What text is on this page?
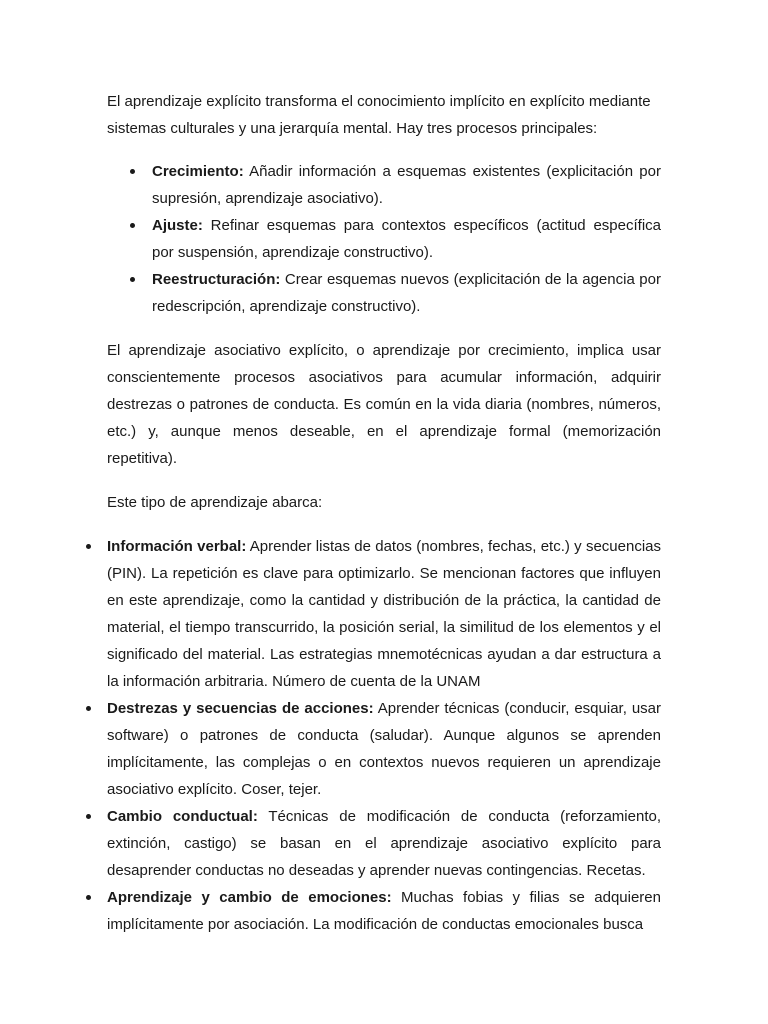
El aprendizaje explícito transforma el conocimiento implícito en explícito mediante sistemas culturales y una jerarquía mental. Hay tres procesos principales:

Crecimiento: Añadir información a esquemas existentes (explicitación por supresión, aprendizaje asociativo).
Ajuste: Refinar esquemas para contextos específicos (actitud específica por suspensión, aprendizaje constructivo).
Reestructuración: Crear esquemas nuevos (explicitación de la agencia por redescripción, aprendizaje constructivo).

El aprendizaje asociativo explícito, o aprendizaje por crecimiento, implica usar conscientemente procesos asociativos para acumular información, adquirir destrezas o patrones de conducta. Es común en la vida diaria (nombres, números, etc.) y, aunque menos deseable, en el aprendizaje formal (memorización repetitiva).

Este tipo de aprendizaje abarca:

Información verbal: Aprender listas de datos (nombres, fechas, etc.) y secuencias (PIN). La repetición es clave para optimizarlo. Se mencionan factores que influyen en este aprendizaje, como la cantidad y distribución de la práctica, la cantidad de material, el tiempo transcurrido, la posición serial, la similitud de los elementos y el significado del material. Las estrategias mnemotécnicas ayudan a dar estructura a la información arbitraria. Número de cuenta de la UNAM
Destrezas y secuencias de acciones: Aprender técnicas (conducir, esquiar, usar software) o patrones de conducta (saludar). Aunque algunos se aprenden implícitamente, las complejas o en contextos nuevos requieren un aprendizaje asociativo explícito. Coser, tejer.
Cambio conductual: Técnicas de modificación de conducta (reforzamiento, extinción, castigo) se basan en el aprendizaje asociativo explícito para desaprender conductas no deseadas y aprender nuevas contingencias. Recetas.
Aprendizaje y cambio de emociones: Muchas fobias y filias se adquieren implícitamente por asociación. La modificación de conductas emocionales busca
